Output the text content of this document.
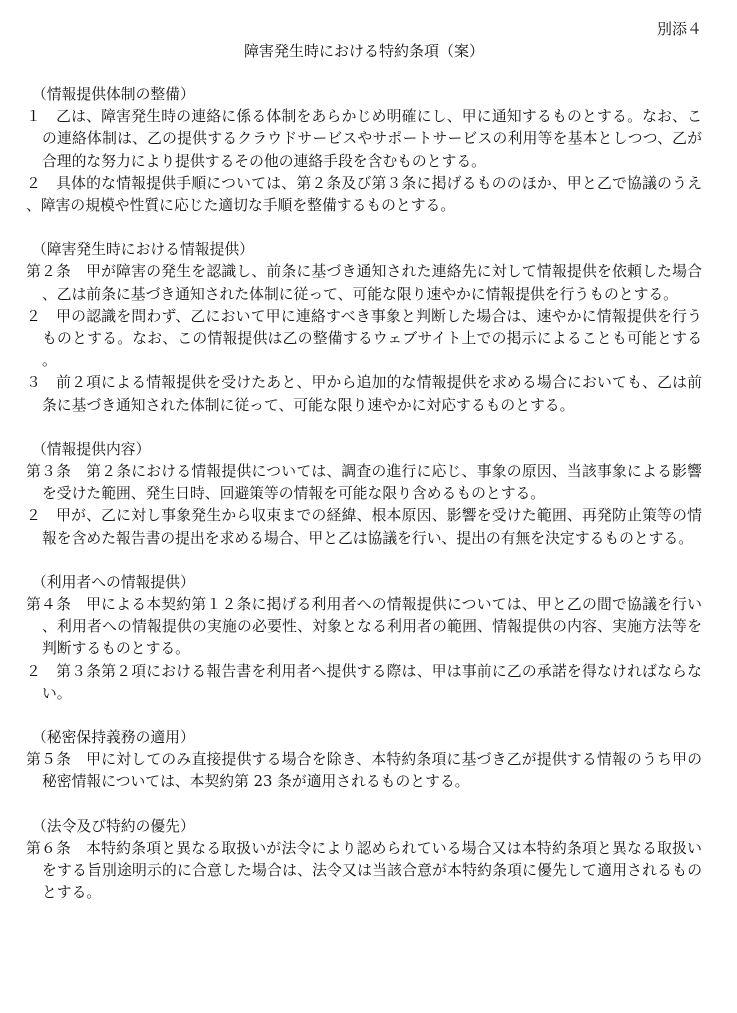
別添４
障害発生時における特約条項（案）

（情報提供体制の整備）

１　乙は、障害発生時の連絡に係る体制をあらかじめ明確にし、甲に通知するものとする。なお、この連絡体制は、乙の提供するクラウドサービスやサポートサービスの利用等を基本としつつ、乙が合理的な努力により提供するその他の連絡手段を含むものとする。

２　具体的な情報提供手順については、第２条及び第３条に掲げるもののほか、甲と乙で協議のうえ、障害の規模や性質に応じた適切な手順を整備するものとする。

（障害発生時における情報提供）

第２条　甲が障害の発生を認識し、前条に基づき通知された連絡先に対して情報提供を依頼した場合、乙は前条に基づき通知された体制に従って、可能な限り速やかに情報提供を行うものとする。

２　甲の認識を問わず、乙において甲に連絡すべき事象と判断した場合は、速やかに情報提供を行うものとする。なお、この情報提供は乙の整備するウェブサイト上での掲示によることも可能とする。

３　前２項による情報提供を受けたあと、甲から追加的な情報提供を求める場合においても、乙は前条に基づき通知された体制に従って、可能な限り速やかに対応するものとする。

（情報提供内容）

第３条　第２条における情報提供については、調査の進行に応じ、事象の原因、当該事象による影響を受けた範囲、発生日時、回避策等の情報を可能な限り含めるものとする。

２　甲が、乙に対し事象発生から収束までの経緯、根本原因、影響を受けた範囲、再発防止策等の情報を含めた報告書の提出を求める場合、甲と乙は協議を行い、提出の有無を決定するものとする。

（利用者への情報提供）

第４条　甲による本契約第１２条に掲げる利用者への情報提供については、甲と乙の間で協議を行い、利用者への情報提供の実施の必要性、対象となる利用者の範囲、情報提供の内容、実施方法等を判断するものとする。

２　第３条第２項における報告書を利用者へ提供する際は、甲は事前に乙の承諾を得なければならない。

（秘密保持義務の適用）

第５条　甲に対してのみ直接提供する場合を除き、本特約条項に基づき乙が提供する情報のうち甲の秘密情報については、本契約第 23 条が適用されるものとする。

（法令及び特約の優先）

第６条　本特約条項と異なる取扱いが法令により認められている場合又は本特約条項と異なる取扱いをする旨別途明示的に合意した場合は、法令又は当該合意が本特約条項に優先して適用されるものとする。
